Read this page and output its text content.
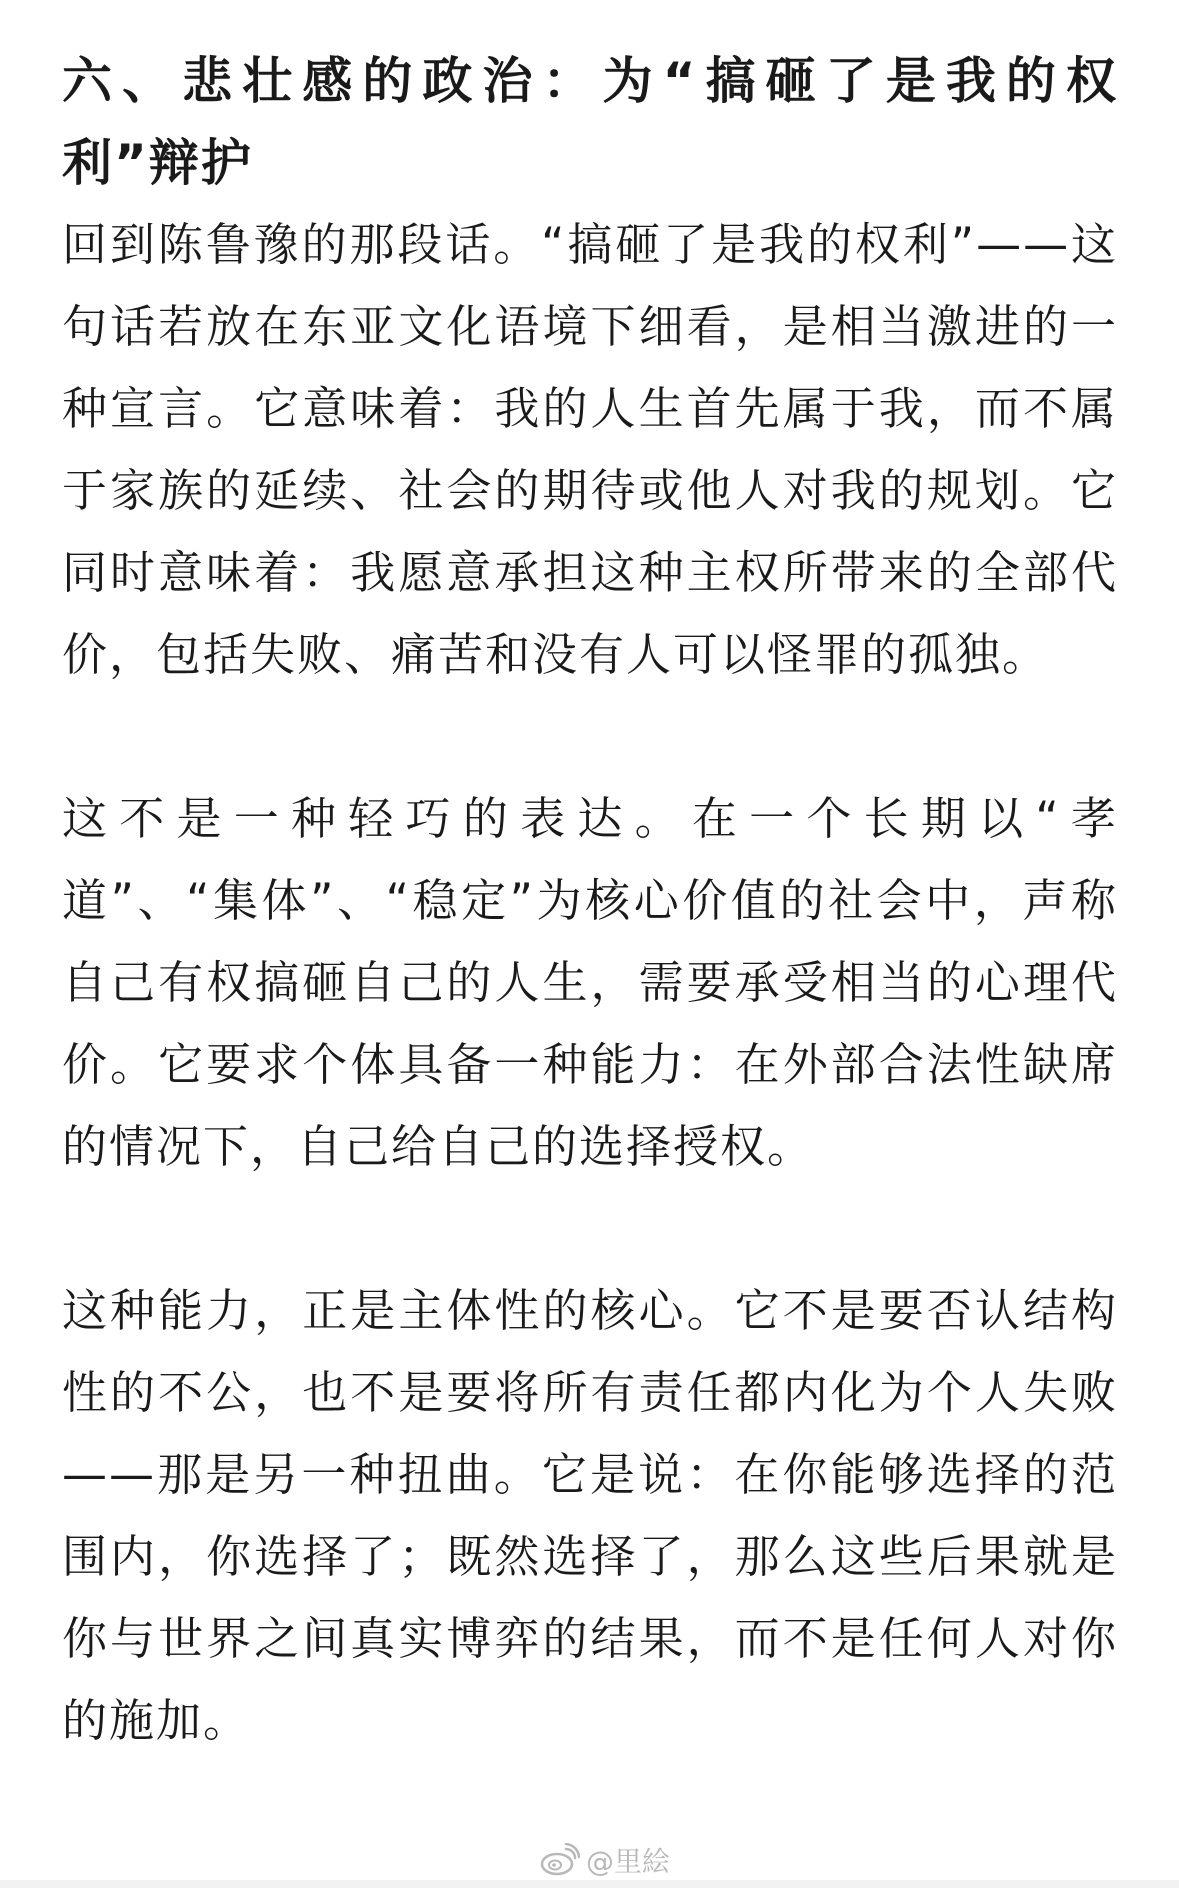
六、悲壮感的政治：为“搞砸了是我的权利”辩护

回到陈鲁豫的那段话。“搞砸了是我的权利”——这句话若放在东亚文化语境下细看，是相当激进的一种宣言。它意味着：我的人生首先属于我，而不属于家族的延续、社会的期待或他人对我的规划。它同时意味着：我愿意承担这种主权所带来的全部代价，包括失败、痛苦和没有人可以怪罪的孤独。

这不是一种轻巧的表达。在一个长期以“孝道”、“集体”、“稳定”为核心价值的社会中，声称自己有权搞砸自己的人生，需要承受相当的心理代价。它要求个体具备一种能力：在外部合法性缺席的情况下，自己给自己的选择授权。

这种能力，正是主体性的核心。它不是要否认结构性的不公，也不是要将所有责任都内化为个人失败——那是另一种扭曲。它是说：在你能够选择的范围内，你选择了；既然选择了，那么这些后果就是你与世界之间真实博弈的结果，而不是任何人对你的施加。

@里絵
